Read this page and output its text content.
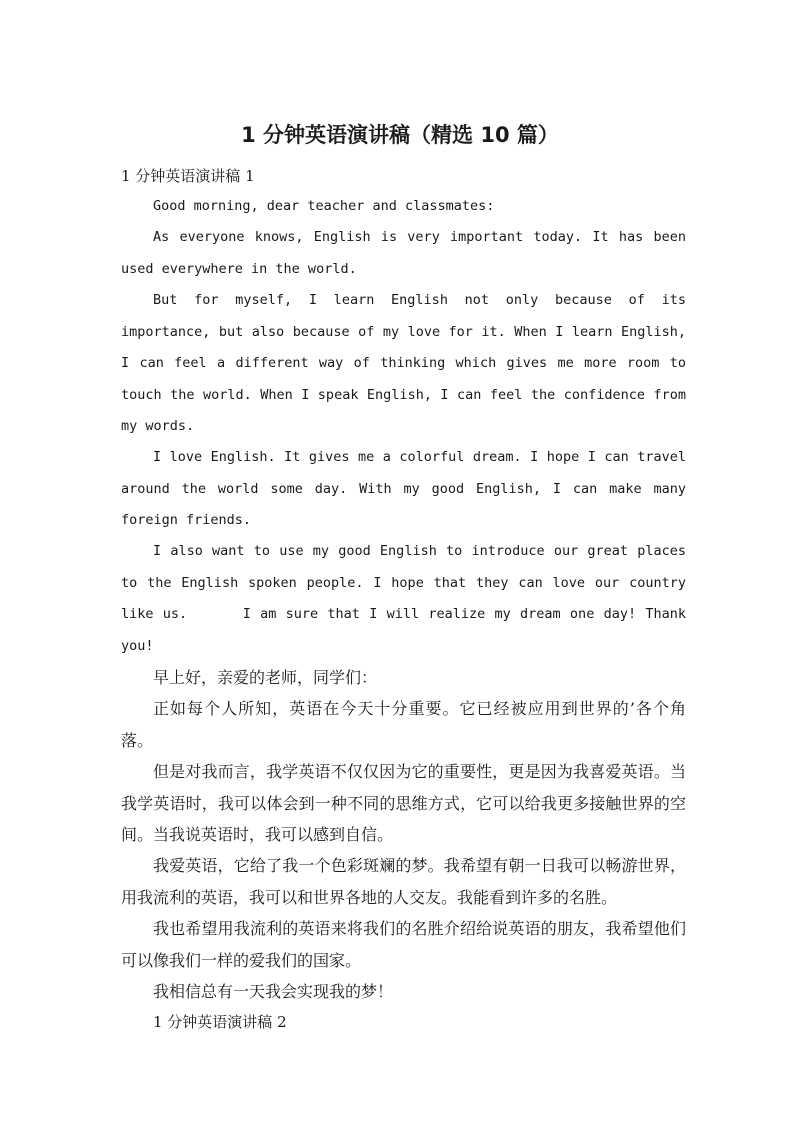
1 分钟英语演讲稿（精选 10 篇）

1 分钟英语演讲稿 1

Good morning, dear teacher and classmates:

As everyone knows, English is very important today. It has been used everywhere in the world.

But for myself, I learn English not only because of its importance, but also because of my love for it. When I learn English, I can feel a different way of thinking which gives me more room to touch the world. When I speak English, I can feel the confidence from my words.

I love English. It gives me a colorful dream. I hope I can travel around the world some day. With my good English, I can make many foreign friends.

I also want to use my good English to introduce our great places to the English spoken people. I hope that they can love our country like us.      I am sure that I will realize my dream one day! Thank you!

早上好，亲爱的老师，同学们：

正如每个人所知，英语在今天十分重要。它已经被应用到世界的’各个角落。

但是对我而言，我学英语不仅仅因为它的重要性，更是因为我喜爱英语。当我学英语时，我可以体会到一种不同的思维方式，它可以给我更多接触世界的空间。当我说英语时，我可以感到自信。

我爱英语，它给了我一个色彩斑斓的梦。我希望有朝一日我可以畅游世界，用我流利的英语，我可以和世界各地的人交友。我能看到许多的名胜。

我也希望用我流利的英语来将我们的名胜介绍给说英语的朋友，我希望他们可以像我们一样的爱我们的国家。

我相信总有一天我会实现我的梦！

1 分钟英语演讲稿 2
